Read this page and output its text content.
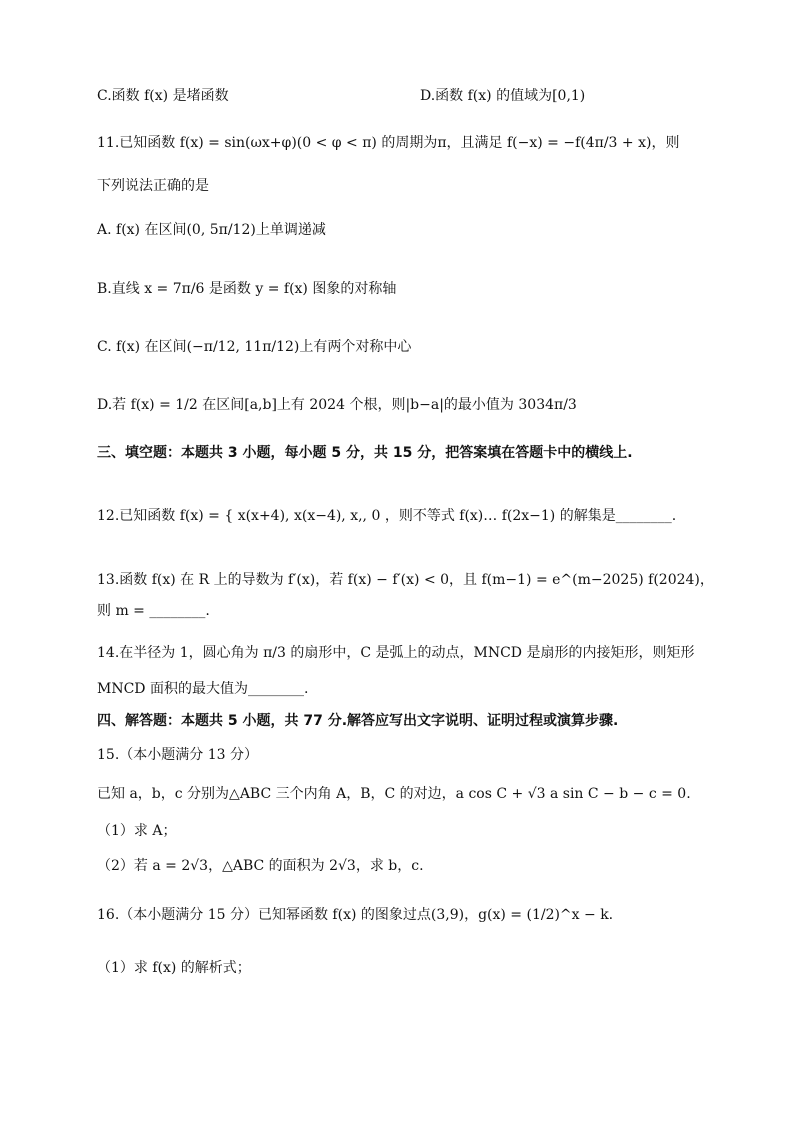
C.函数 f(x) 是堵函数	D.函数 f(x) 的值域为[0,1)
11.已知函数 f(x) = sin(ωx+φ)(0 < φ < π) 的周期为π，且满足 f(−x) = −f(4π/3 + x)，则
下列说法正确的是
A. f(x) 在区间(0, 5π/12)上单调递减
B.直线 x = 7π/6 是函数 y = f(x) 图象的对称轴
C. f(x) 在区间(−π/12, 11π/12)上有两个对称中心
D.若 f(x) = 1/2 在区间[a,b]上有 2024 个根，则|b−a|的最小值为 3034π/3
三、填空题：本题共 3 小题，每小题 5 分，共 15 分，把答案填在答题卡中的横线上.
12.已知函数 f(x) = { x(x+4), x(x−4), x,, 0 ，则不等式 f(x)… f(2x−1) 的解集是________.
13.函数 f(x) 在 R 上的导数为 f′(x)，若 f(x) − f′(x) < 0，且 f(m−1) = e^(m−2025) f(2024)，
则 m = ________.
14.在半径为 1，圆心角为 π/3 的扇形中，C 是弧上的动点，MNCD 是扇形的内接矩形，则矩形
MNCD 面积的最大值为________.
四、解答题：本题共 5 小题，共 77 分.解答应写出文字说明、证明过程或演算步骤.
15.（本小题满分 13 分）
已知 a，b，c 分别为△ABC 三个内角 A，B，C 的对边，a cos C + √3 a sin C − b − c = 0.
（1）求 A；
（2）若 a = 2√3，△ABC 的面积为 2√3，求 b，c.
16.（本小题满分 15 分）已知幂函数 f(x) 的图象过点(3,9)，g(x) = (1/2)^x − k.
（1）求 f(x) 的解析式；
